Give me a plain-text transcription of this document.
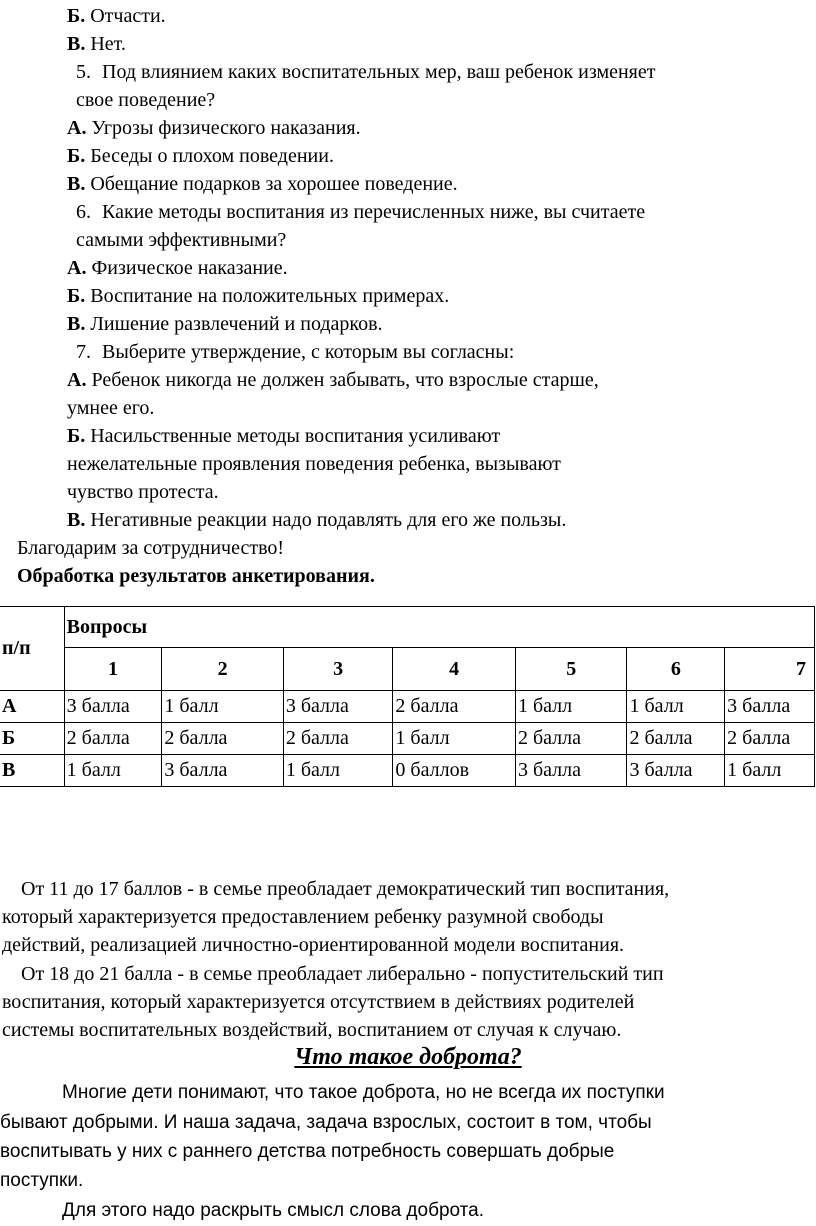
Б. Отчасти.
В. Нет.
5. Под влиянием каких воспитательных мер, ваш ребенок изменяет
свое поведение?
А. Угрозы физического наказания.
Б. Беседы о плохом поведении.
В. Обещание подарков за хорошее поведение.
6. Какие методы воспитания из перечисленных ниже, вы считаете
самыми эффективными?
А. Физическое наказание.
Б. Воспитание на положительных примерах.
В. Лишение развлечений и подарков.
7. Выберите утверждение, с которым вы согласны:
А. Ребенок никогда не должен забывать, что взрослые старше,
умнее его.
Б. Насильственные методы воспитания усиливают
нежелательные проявления поведения ребенка, вызывают
чувство протеста.
В. Негативные реакции надо подавлять для его же пользы.
Благодарим за сотрудничество!
Обработка результатов анкетирования.
п/п	Вопросы						
	1	2	3	4	5	6	7
А	3 балла	1 балл	3 балла	2 балла	1 балл	1 балл	3 балла
Б	2 балла	2 балла	2 балла	1 балл	2 балла	2 балла	2 балла
В	1 балл	3 балла	1 балл	0 баллов	3 балла	3 балла	1 балл
От 11 до 17 баллов - в семье преобладает демократический тип воспитания,
который характеризуется предоставлением ребенку разумной свободы
действий, реализацией личностно-ориентированной модели воспитания.
От 18 до 21 балла - в семье преобладает либерально - попустительский тип
воспитания, который характеризуется отсутствием в действиях родителей
системы воспитательных воздействий, воспитанием от случая к случаю.
Что такое доброта?
Многие дети понимают, что такое доброта, но не всегда их поступки
бывают добрыми. И наша задача, задача взрослых, состоит в том, чтобы
воспитывать у них с раннего детства потребность совершать добрые
поступки.
Для этого надо раскрыть смысл слова доброта.
